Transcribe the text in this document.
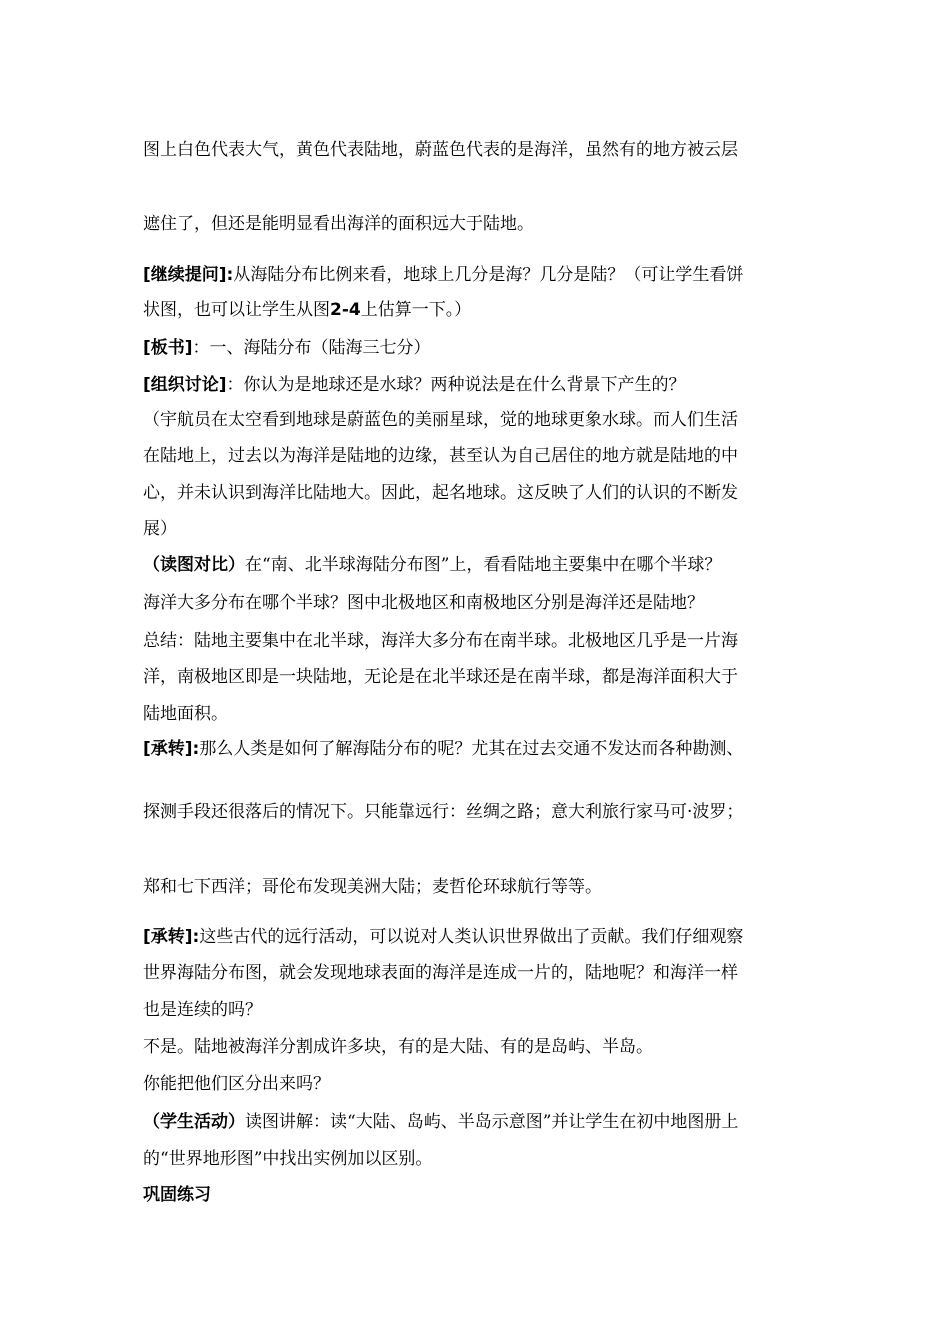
图上白色代表大气，黄色代表陆地，蔚蓝色代表的是海洋，虽然有的地方被云层
遮住了，但还是能明显看出海洋的面积远大于陆地。
[继续提问]:从海陆分布比例来看，地球上几分是海？几分是陆？（可让学生看饼
状图，也可以让学生从图2-4上估算一下。）
[板书]：一、海陆分布（陆海三七分）
[组织讨论]：你认为是地球还是水球？两种说法是在什么背景下产生的？
（宇航员在太空看到地球是蔚蓝色的美丽星球，觉的地球更象水球。而人们生活
在陆地上，过去以为海洋是陆地的边缘，甚至认为自己居住的地方就是陆地的中
心，并未认识到海洋比陆地大。因此，起名地球。这反映了人们的认识的不断发
展）
（读图对比）在“南、北半球海陆分布图”上，看看陆地主要集中在哪个半球？
海洋大多分布在哪个半球？图中北极地区和南极地区分别是海洋还是陆地？
总结：陆地主要集中在北半球，海洋大多分布在南半球。北极地区几乎是一片海
洋，南极地区即是一块陆地，无论是在北半球还是在南半球，都是海洋面积大于
陆地面积。
[承转]:那么人类是如何了解海陆分布的呢？尤其在过去交通不发达而各种勘测、
探测手段还很落后的情况下。只能靠远行：丝绸之路；意大利旅行家马可·波罗；
郑和七下西洋；哥伦布发现美洲大陆；麦哲伦环球航行等等。
[承转]:这些古代的远行活动，可以说对人类认识世界做出了贡献。我们仔细观察
世界海陆分布图，就会发现地球表面的海洋是连成一片的，陆地呢？和海洋一样
也是连续的吗？
不是。陆地被海洋分割成许多块，有的是大陆、有的是岛屿、半岛。
你能把他们区分出来吗？
（学生活动）读图讲解：读“大陆、岛屿、半岛示意图”并让学生在初中地图册上
的“世界地形图”中找出实例加以区别。
巩固练习
